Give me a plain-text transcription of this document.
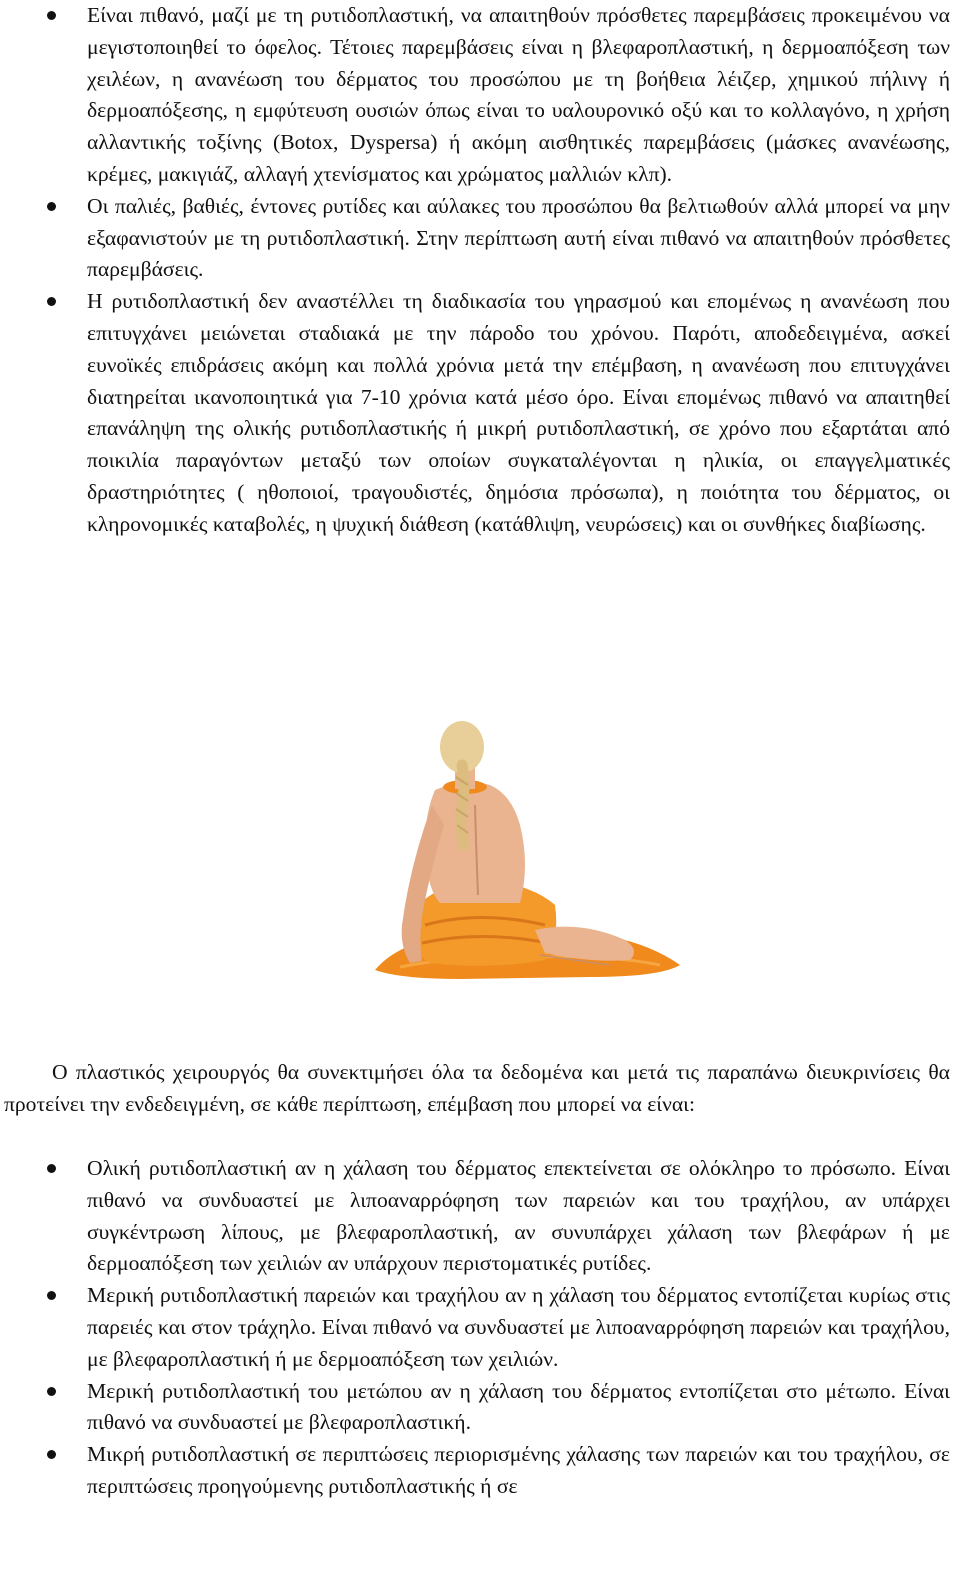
Είναι πιθανό, μαζί με τη ρυτιδοπλαστική, να απαιτηθούν πρόσθετες παρεμβάσεις προκειμένου να μεγιστοποιηθεί το όφελος. Τέτοιες παρεμβάσεις είναι η βλεφαροπλαστική, η δερμοαπόξεση των χειλέων, η ανανέωση του δέρματος του προσώπου με τη βοήθεια λέιζερ, χημικού πήλινγ ή δερμοαπόξεσης, η εμφύτευση ουσιών όπως είναι το υαλουρονικό οξύ και το κολλαγόνο, η χρήση αλλαντικής τοξίνης (Botox, Dyspersa) ή ακόμη αισθητικές παρεμβάσεις (μάσκες ανανέωσης, κρέμες, μακιγιάζ, αλλαγή χτενίσματος και χρώματος μαλλιών κλπ).
Οι παλιές, βαθιές, έντονες ρυτίδες και αύλακες του προσώπου θα βελτιωθούν αλλά μπορεί να μην εξαφανιστούν με τη ρυτιδοπλαστική. Στην περίπτωση αυτή είναι πιθανό να απαιτηθούν πρόσθετες παρεμβάσεις.
Η ρυτιδοπλαστική δεν αναστέλλει τη διαδικασία του γηρασμού και επομένως η ανανέωση που επιτυγχάνει μειώνεται σταδιακά με την πάροδο του χρόνου. Παρότι, αποδεδειγμένα, ασκεί ευνοϊκές επιδράσεις ακόμη και πολλά χρόνια μετά την επέμβαση, η ανανέωση που επιτυγχάνει διατηρείται ικανοποιητικά για 7-10 χρόνια κατά μέσο όρο. Είναι επομένως πιθανό να απαιτηθεί επανάληψη της ολικής ρυτιδοπλαστικής ή μικρή ρυτιδοπλαστική, σε χρόνο που εξαρτάται από ποικιλία παραγόντων μεταξύ των οποίων συγκαταλέγονται η ηλικία, οι επαγγελματικές δραστηριότητες ( ηθοποιοί, τραγουδιστές, δημόσια πρόσωπα), η ποιότητα του δέρματος, οι κληρονομικές καταβολές, η ψυχική διάθεση (κατάθλιψη, νευρώσεις) και οι συνθήκες διαβίωσης.

Ο πλαστικός χειρουργός θα συνεκτιμήσει όλα τα δεδομένα και μετά τις παραπάνω διευκρινίσεις θα προτείνει την ενδεδειγμένη, σε κάθε περίπτωση, επέμβαση που μπορεί να είναι:

Ολική ρυτιδοπλαστική αν η χάλαση του δέρματος επεκτείνεται σε ολόκληρο το πρόσωπο. Είναι πιθανό να συνδυαστεί με λιποαναρρόφηση των παρειών και του τραχήλου, αν υπάρχει συγκέντρωση λίπους, με βλεφαροπλαστική, αν συνυπάρχει χάλαση των βλεφάρων ή με δερμοαπόξεση των χειλιών αν υπάρχουν περιστοματικές ρυτίδες.
Μερική ρυτιδοπλαστική παρειών και τραχήλου αν η χάλαση του δέρματος εντοπίζεται κυρίως στις παρειές και στον τράχηλο. Είναι πιθανό να συνδυαστεί με λιποαναρρόφηση παρειών και τραχήλου, με βλεφαροπλαστική ή με δερμοαπόξεση των χειλιών.
Μερική ρυτιδοπλαστική του μετώπου αν η χάλαση του δέρματος εντοπίζεται στο μέτωπο. Είναι πιθανό να συνδυαστεί με βλεφαροπλαστική.
Μικρή ρυτιδοπλαστική σε περιπτώσεις περιορισμένης χάλασης των παρειών και του τραχήλου, σε περιπτώσεις προηγούμενης ρυτιδοπλαστικής ή σε
